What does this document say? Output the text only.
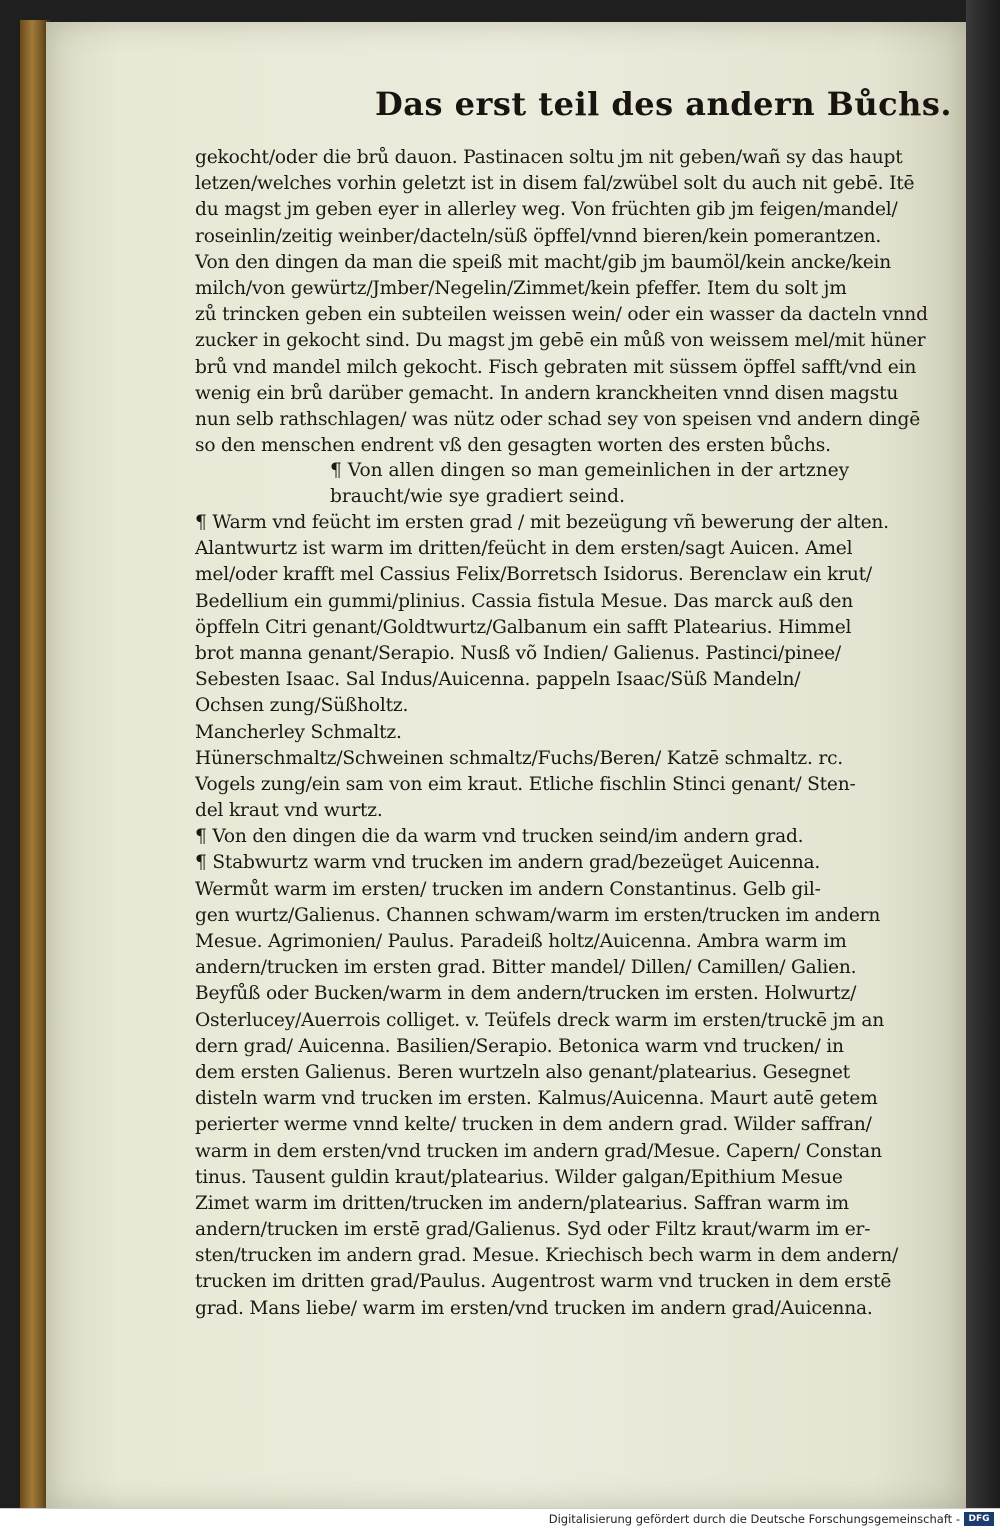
Das erst teil des andern Bůchs.
gekocht/oder die brů dauon. Pastinacen soltu jm nit geben/wañ sy das haupt
letzen/welches vorhin geletzt ist in disem fal/zwübel solt du auch nit gebē. Itē
du magst jm geben eyer in allerley weg. Von früchten gib jm feigen/mandel/
roseinlin/zeitig weinber/dacteln/süß öpffel/vnnd bieren/kein pomerantzen.
Von den dingen da man die speiß mit macht/gib jm baumöl/kein ancke/kein
milch/von gewürtz/Jmber/Negelin/Zimmet/kein pfeffer. Item du solt jm
zů trincken geben ein subteilen weissen wein/ oder ein wasser da dacteln vnnd
zucker in gekocht sind. Du magst jm gebē ein můß von weissem mel/mit hüner
brů vnd mandel milch gekocht. Fisch gebraten mit süssem öpffel safft/vnd ein
wenig ein brů darüber gemacht. In andern kranckheiten vnnd disen magstu
nun selb rathschlagen/ was nütz oder schad sey von speisen vnd andern dingē
so den menschen endrent vß den gesagten worten des ersten bůchs.
¶ Von allen dingen so man gemeinlichen in der artzney
braucht/wie sye gradiert seind.
¶ Warm vnd feücht im ersten grad / mit bezeügung vñ bewerung der alten.
Alantwurtz ist warm im dritten/feücht in dem ersten/sagt Auicen. Amel
mel/oder krafft mel Cassius Felix/Borretsch Isidorus. Berenclaw ein krut/
Bedellium ein gummi/plinius. Cassia fistula Mesue. Das marck auß den
öpffeln Citri genant/Goldtwurtz/Galbanum ein safft Platearius. Himmel
brot manna genant/Serapio. Nusß võ Indien/ Galienus. Pastinci/pinee/
Sebesten Isaac. Sal Indus/Auicenna. pappeln Isaac/Süß Mandeln/
Ochsen zung/Süßholtz.
Mancherley Schmaltz.
Hünerschmaltz/Schweinen schmaltz/Fuchs/Beren/ Katzē schmaltz. rc.
Vogels zung/ein sam von eim kraut. Etliche fischlin Stinci genant/ Sten-
del kraut vnd wurtz.
¶ Von den dingen die da warm vnd trucken seind/im andern grad.
¶ Stabwurtz warm vnd trucken im andern grad/bezeüget Auicenna.
Wermůt warm im ersten/ trucken im andern Constantinus. Gelb gil-
gen wurtz/Galienus. Channen schwam/warm im ersten/trucken im andern
Mesue. Agrimonien/ Paulus. Paradeiß holtz/Auicenna. Ambra warm im
andern/trucken im ersten grad. Bitter mandel/ Dillen/ Camillen/ Galien.
Beyfůß oder Bucken/warm in dem andern/trucken im ersten. Holwurtz/
Osterlucey/Auerrois colliget. v. Teüfels dreck warm im ersten/truckē jm an
dern grad/ Auicenna. Basilien/Serapio. Betonica warm vnd trucken/ in
dem ersten Galienus. Beren wurtzeln also genant/platearius. Gesegnet
disteln warm vnd trucken im ersten. Kalmus/Auicenna. Maurt autē getem
perierter werme vnnd kelte/ trucken in dem andern grad. Wilder saffran/
warm in dem ersten/vnd trucken im andern grad/Mesue. Capern/ Constan
tinus. Tausent guldin kraut/platearius. Wilder galgan/Epithium Mesue
Zimet warm im dritten/trucken im andern/platearius. Saffran warm im
andern/trucken im erstē grad/Galienus. Syd oder Filtz kraut/warm im er-
sten/trucken im andern grad. Mesue. Kriechisch bech warm in dem andern/
trucken im dritten grad/Paulus. Augentrost warm vnd trucken in dem erstē
grad. Mans liebe/ warm im ersten/vnd trucken im andern grad/Auicenna.
Digitalisierung gefördert durch die Deutsche Forschungsgemeinschaft - DFG
